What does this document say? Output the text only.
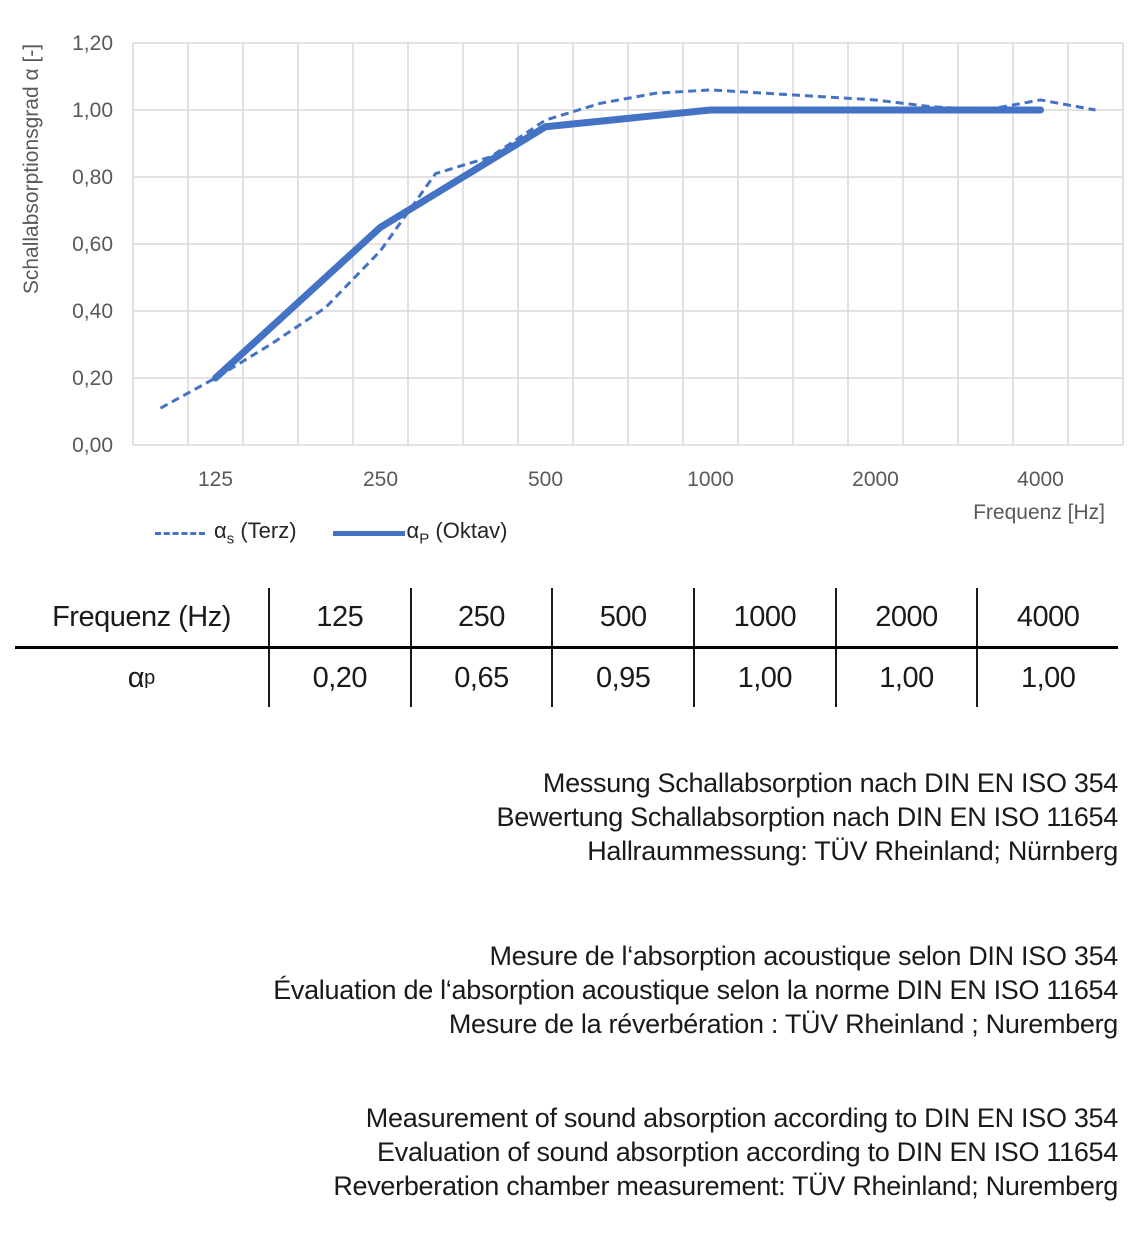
0,00
0,20
0,40
0,60
0,80
1,00
1,20
125	250	500	1000	2000	4000
Schallabsorptionsgrad α [-]
Frequenz [Hz]
$\alpha_s$ (Terz)	$\alpha_P$ (Oktav)
Frequenz (Hz)	125	250	500	1000	2000	4000
α p	0,20	0,65	0,95	1,00	1,00	1,00
Messung Schallabsorption nach DIN EN ISO 354
Bewertung Schallabsorption nach DIN EN ISO 11654
Hallraummessung: TÜV Rheinland; Nürnberg
Mesure de l‘absorption acoustique selon DIN ISO 354
Évaluation de l‘absorption acoustique selon la norme DIN EN ISO 11654
Mesure de la réverbération : TÜV Rheinland ; Nuremberg
Measurement of sound absorption according to DIN EN ISO 354
Evaluation of sound absorption according to DIN EN ISO 11654
Reverberation chamber measurement: TÜV Rheinland; Nuremberg
